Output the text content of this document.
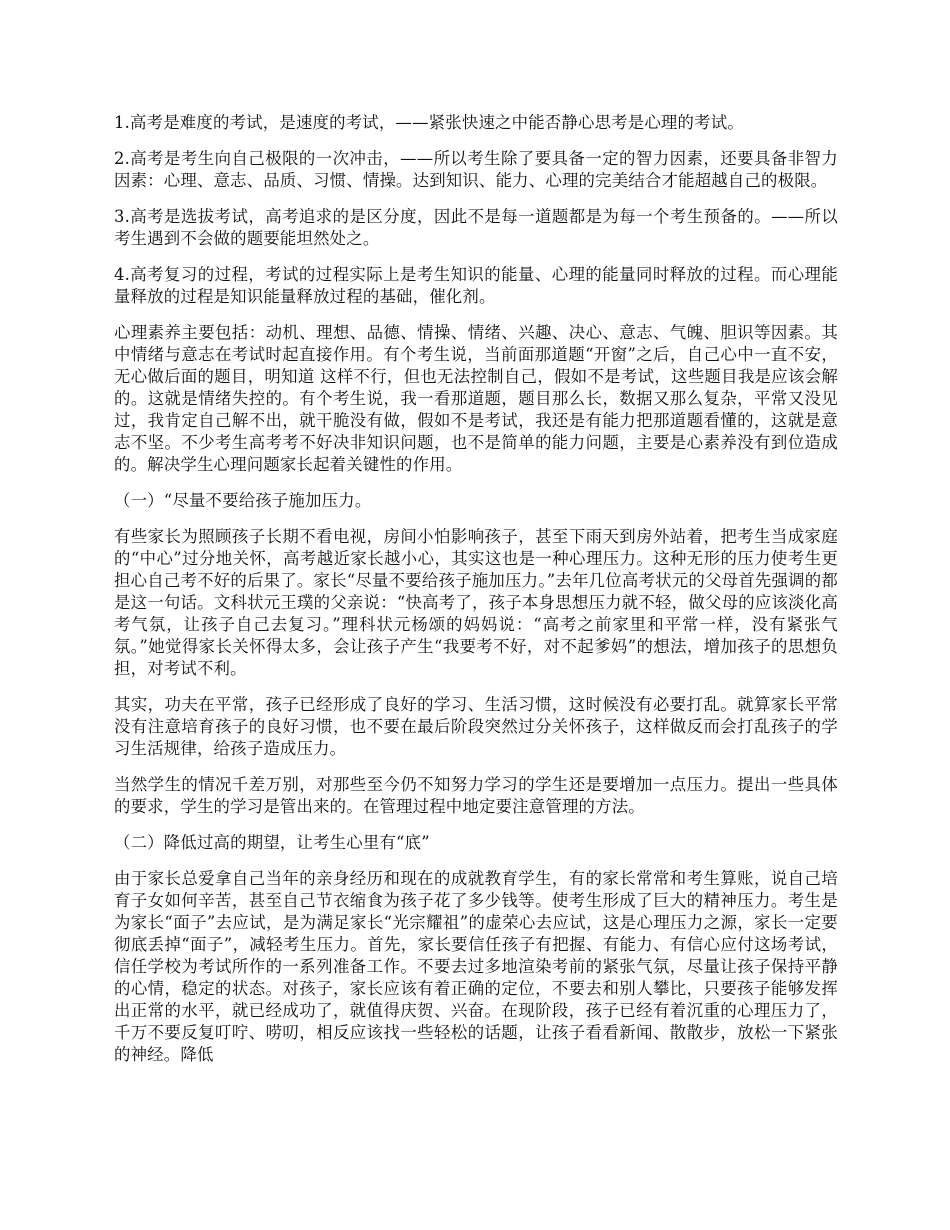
1.高考是难度的考试，是速度的考试，——紧张快速之中能否静心思考是心理的考试。

2.高考是考生向自己极限的一次冲击，——所以考生除了要具备一定的智力因素，还要具备非智力因素：心理、意志、品质、习惯、情操。达到知识、能力、心理的完美结合才能超越自己的极限。

3.高考是选拔考试，高考追求的是区分度，因此不是每一道题都是为每一个考生预备的。——所以考生遇到不会做的题要能坦然处之。

4.高考复习的过程，考试的过程实际上是考生知识的能量、心理的能量同时释放的过程。而心理能量释放的过程是知识能量释放过程的基础，催化剂。

心理素养主要包括：动机、理想、品德、情操、情绪、兴趣、决心、意志、气魄、胆识等因素。其中情绪与意志在考试时起直接作用。有个考生说，当前面那道题“开窗”之后，自己心中一直不安，无心做后面的题目，明知道 这样不行，但也无法控制自己，假如不是考试，这些题目我是应该会解的。这就是情绪失控的。有个考生说，我一看那道题，题目那么长，数据又那么复杂，平常又没见过，我肯定自己解不出，就干脆没有做，假如不是考试，我还是有能力把那道题看懂的，这就是意志不坚。不少考生高考考不好决非知识问题，也不是简单的能力问题，主要是心素养没有到位造成的。解决学生心理问题家长起着关键性的作用。

（一）“尽量不要给孩子施加压力。

有些家长为照顾孩子长期不看电视，房间小怕影响孩子，甚至下雨天到房外站着，把考生当成家庭的“中心”过分地关怀，高考越近家长越小心，其实这也是一种心理压力。这种无形的压力使考生更担心自己考不好的后果了。家长“尽量不要给孩子施加压力。”去年几位高考状元的父母首先强调的都是这一句话。文科状元王璞的父亲说：“快高考了，孩子本身思想压力就不轻，做父母的应该淡化高考气氛，让孩子自己去复习。”理科状元杨颂的妈妈说：“高考之前家里和平常一样，没有紧张气氛。”她觉得家长关怀得太多，会让孩子产生“我要考不好，对不起爹妈”的想法，增加孩子的思想负担，对考试不利。

其实，功夫在平常，孩子已经形成了良好的学习、生活习惯，这时候没有必要打乱。就算家长平常没有注意培育孩子的良好习惯，也不要在最后阶段突然过分关怀孩子，这样做反而会打乱孩子的学习生活规律，给孩子造成压力。

当然学生的情况千差万别，对那些至今仍不知努力学习的学生还是要增加一点压力。提出一些具体的要求，学生的学习是管出来的。在管理过程中地定要注意管理的方法。

（二）降低过高的期望，让考生心里有“底”

由于家长总爱拿自己当年的亲身经历和现在的成就教育学生，有的家长常常和考生算账，说自己培育子女如何辛苦，甚至自己节衣缩食为孩子花了多少钱等。使考生形成了巨大的精神压力。考生是为家长“面子”去应试，是为满足家长“光宗耀祖”的虚荣心去应试，这是心理压力之源，家长一定要彻底丢掉“面子”，减轻考生压力。首先，家长要信任孩子有把握、有能力、有信心应付这场考试，信任学校为考试所作的一系列准备工作。不要去过多地渲染考前的紧张气氛，尽量让孩子保持平静的心情，稳定的状态。对孩子，家长应该有着正确的定位，不要去和别人攀比，只要孩子能够发挥出正常的水平，就已经成功了，就值得庆贺、兴奋。在现阶段，孩子已经有着沉重的心理压力了，千万不要反复叮咛、唠叨，相反应该找一些轻松的话题，让孩子看看新闻、散散步，放松一下紧张的神经。降低
